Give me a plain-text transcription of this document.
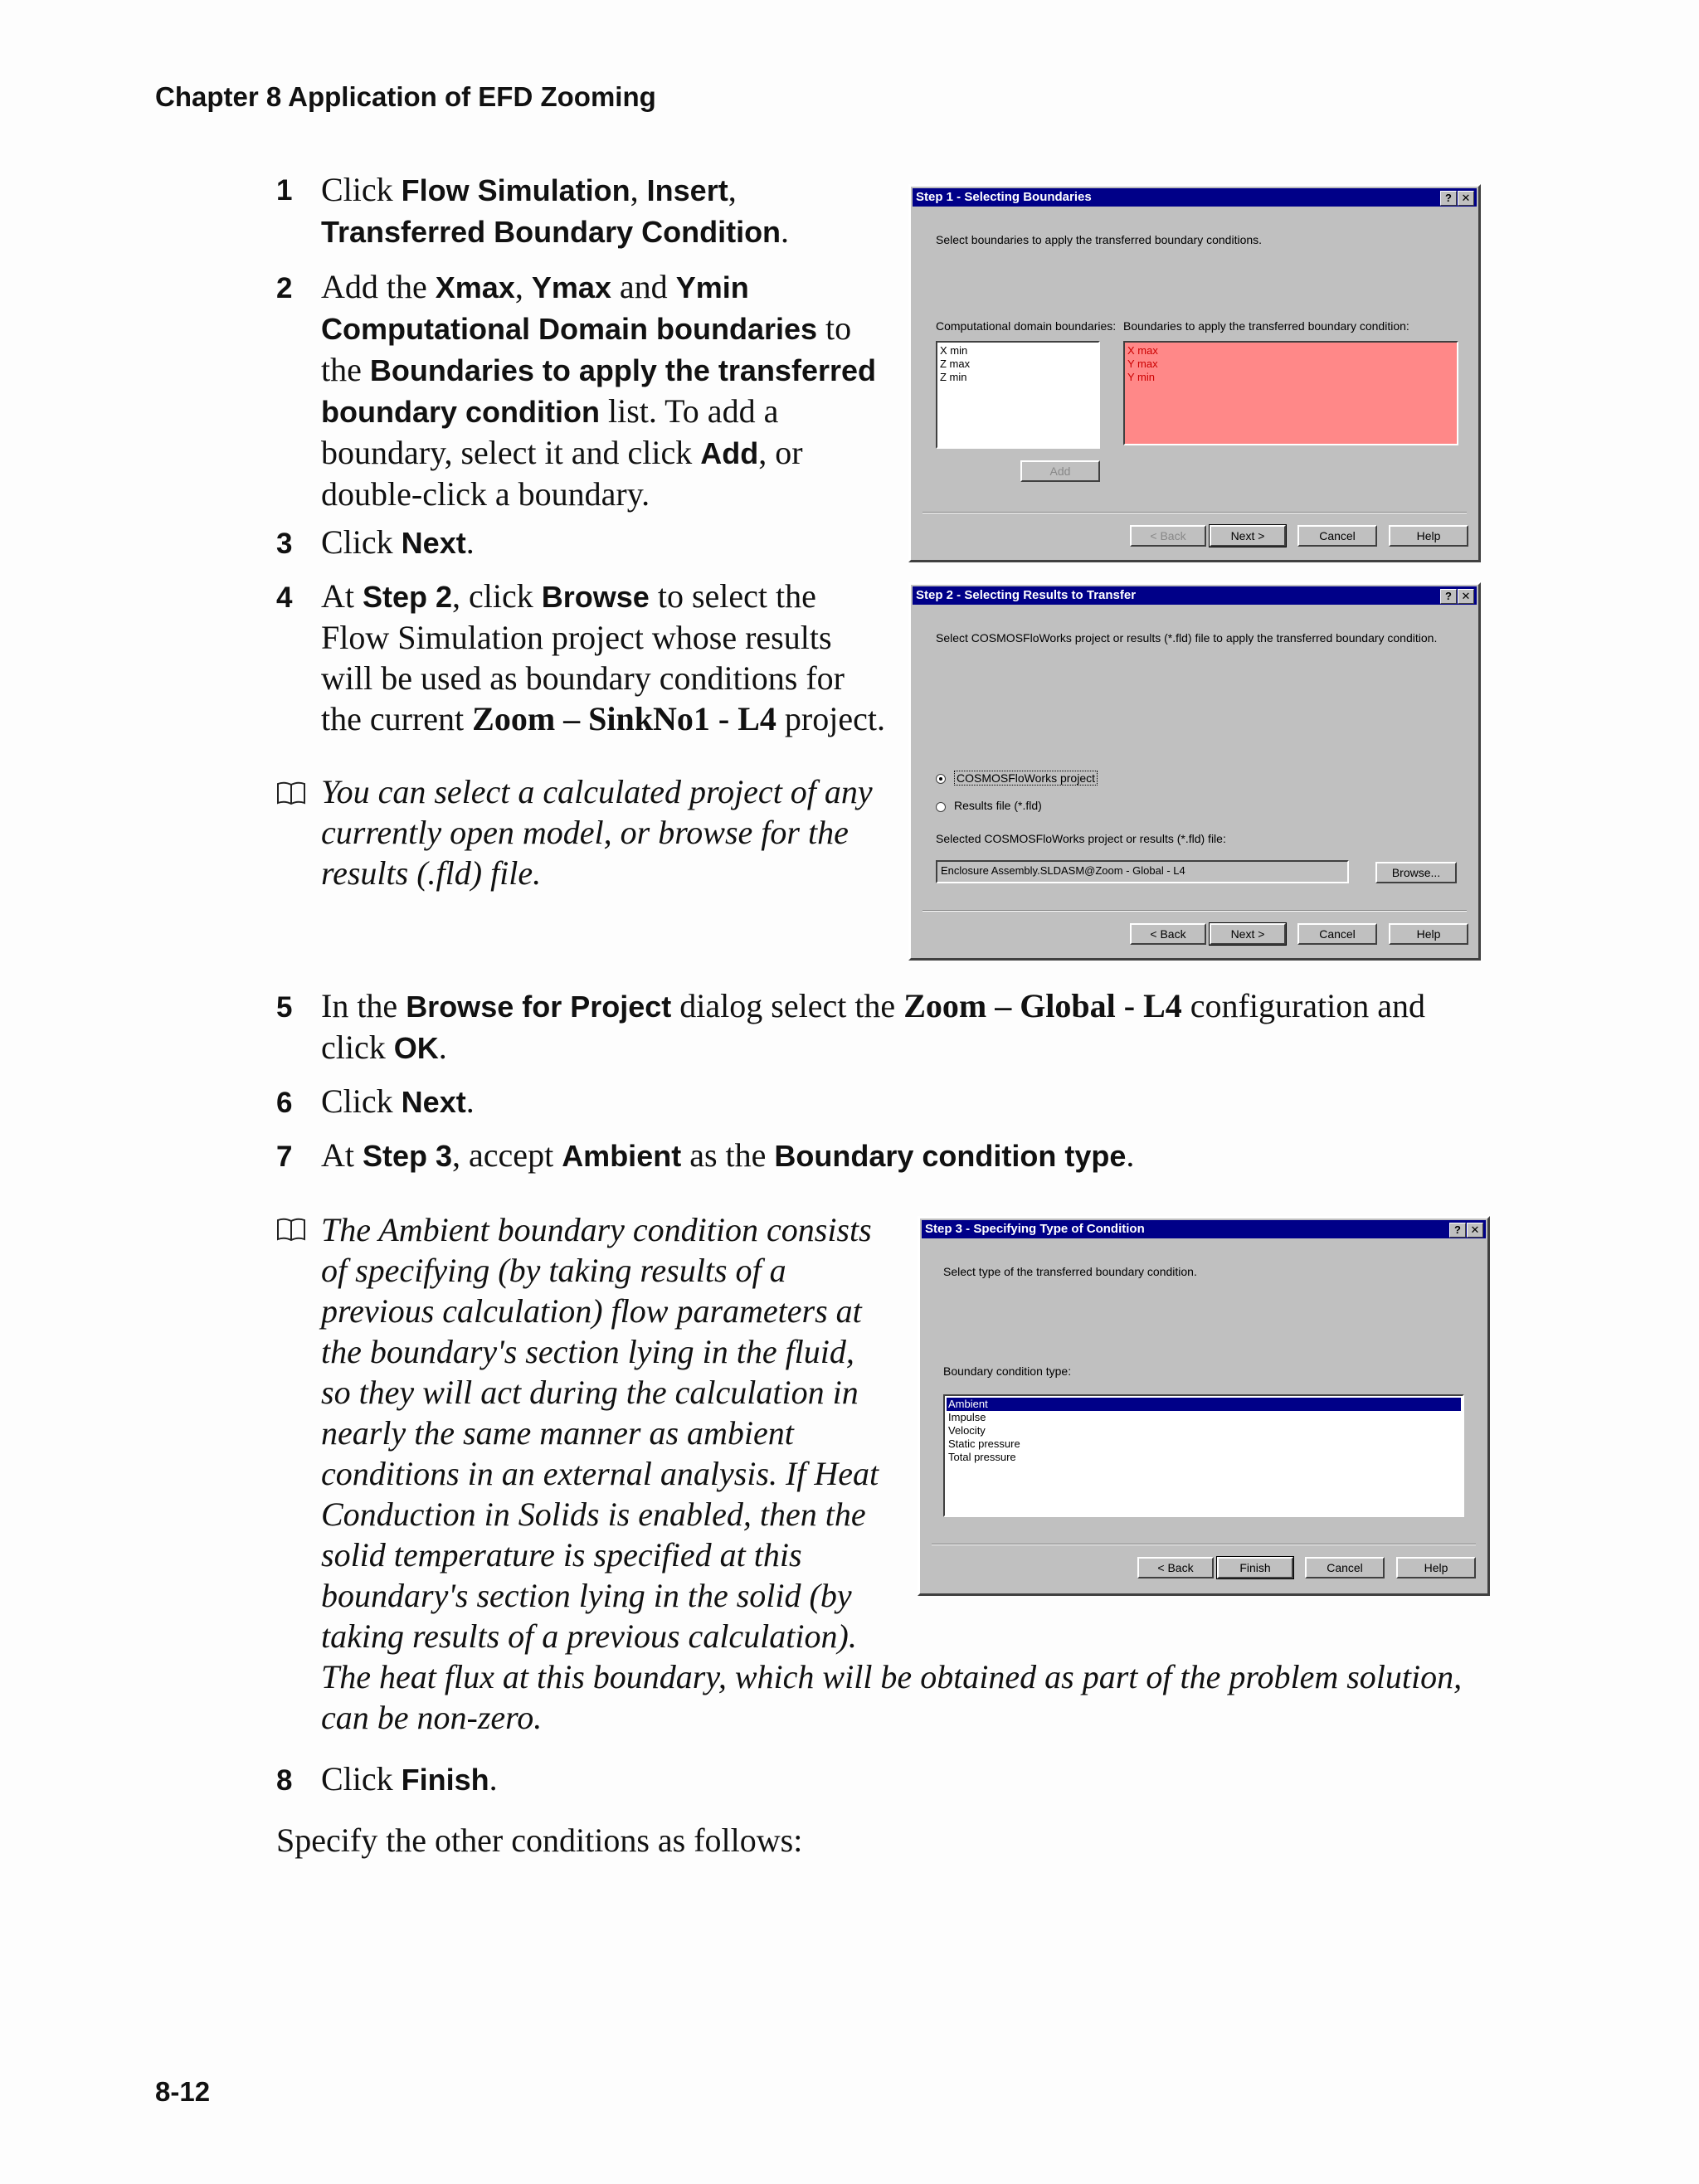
Chapter 8 Application of EFD Zooming
8-12
1 Click Flow Simulation, Insert,
Transferred Boundary Condition.
2 Add the Xmax, Ymax and Ymin
Computational Domain boundaries to
the Boundaries to apply the transferred
boundary condition list. To add a
boundary, select it and click Add, or
double-click a boundary.
3 Click Next.
4 At Step 2, click Browse to select the
Flow Simulation project whose results
will be used as boundary conditions for
the current Zoom – SinkNo1 - L4 project.
You can select a calculated project of any
currently open model, or browse for the
results (.fld) file.
Step 1 - Selecting Boundaries	? ✕
Select boundaries to apply the transferred boundary conditions.
Computational domain boundaries: Boundaries to apply the transferred boundary condition:
X min
Z max
Z min
X max
Y max
Y min
Add
< Back	Next >	Cancel	Help
Step 2 - Selecting Results to Transfer	? ✕
Select COSMOSFloWorks project or results (*.fld) file to apply the transferred boundary condition.
COSMOSFloWorks project
Results file (*.fld)
Selected COSMOSFloWorks project or results (*.fld) file:
Enclosure Assembly.SLDASM@Zoom - Global - L4	Browse...
< Back	Next >	Cancel	Help
5 In the Browse for Project dialog select the Zoom – Global - L4 configuration and
click OK.
6 Click Next.
7 At Step 3, accept Ambient as the Boundary condition type.
The Ambient boundary condition consists
of specifying (by taking results of a
previous calculation) flow parameters at
the boundary's section lying in the fluid,
so they will act during the calculation in
nearly the same manner as ambient
conditions in an external analysis. If Heat
Conduction in Solids is enabled, then the
solid temperature is specified at this
boundary's section lying in the solid (by
taking results of a previous calculation).
The heat flux at this boundary, which will be obtained as part of the problem solution,
can be non-zero.
Step 3 - Specifying Type of Condition	? ✕
Select type of the transferred boundary condition.
Boundary condition type:
Ambient
Impulse
Velocity
Static pressure
Total pressure
< Back	Finish	Cancel	Help
8 Click Finish.
Specify the other conditions as follows:
